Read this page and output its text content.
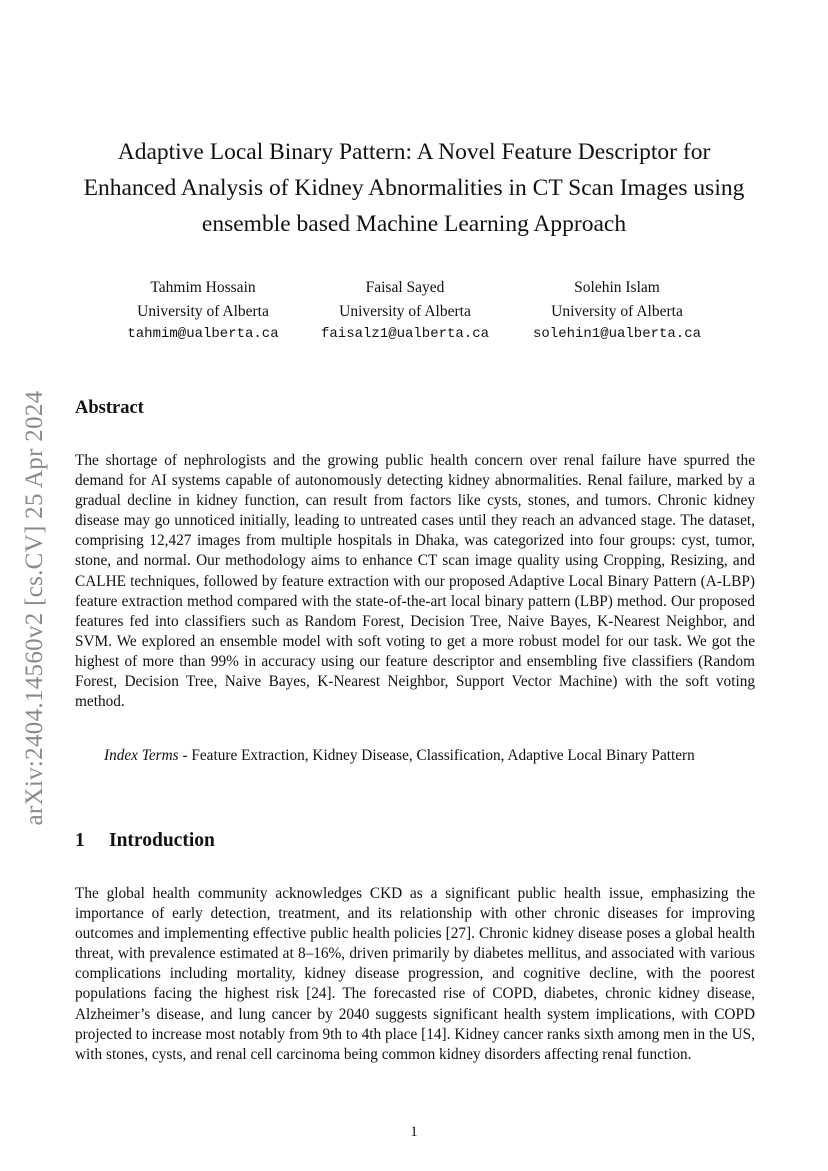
arXiv:2404.14560v2 [cs.CV] 25 Apr 2024
Adaptive Local Binary Pattern: A Novel Feature Descriptor for
Enhanced Analysis of Kidney Abnormalities in CT Scan Images using
ensemble based Machine Learning Approach
Tahmim Hossain
University of Alberta
tahmim@ualberta.ca
Faisal Sayed
University of Alberta
faisalz1@ualberta.ca
Solehin Islam
University of Alberta
solehin1@ualberta.ca
Abstract
The shortage of nephrologists and the growing public health concern over renal failure have spurred the demand for AI systems capable of autonomously detecting kidney abnormalities. Renal failure, marked by a gradual decline in kidney function, can result from factors like cysts, stones, and tumors. Chronic kidney disease may go unnoticed initially, leading to untreated cases until they reach an advanced stage. The dataset, comprising 12,427 images from multiple hospitals in Dhaka, was categorized into four groups: cyst, tumor, stone, and normal. Our methodology aims to enhance CT scan image quality using Cropping, Resizing, and CALHE techniques, followed by feature extraction with our proposed Adaptive Local Binary Pattern (A-LBP) feature extraction method compared with the state-of-the-art local binary pattern (LBP) method. Our proposed features fed into classifiers such as Random Forest, Decision Tree, Naive Bayes, K-Nearest Neighbor, and SVM. We explored an ensemble model with soft voting to get a more robust model for our task. We got the highest of more than 99% in accuracy using our feature descriptor and ensembling five classifiers (Random Forest, Decision Tree, Naive Bayes, K-Nearest Neighbor, Support Vector Machine) with the soft voting method.
Index Terms - Feature Extraction, Kidney Disease, Classification, Adaptive Local Binary Pattern
1 Introduction
The global health community acknowledges CKD as a significant public health issue, emphasizing the importance of early detection, treatment, and its relationship with other chronic diseases for improving outcomes and implementing effective public health policies [27]. Chronic kidney disease poses a global health threat, with prevalence estimated at 8–16%, driven primarily by diabetes mellitus, and associated with various complications including mortality, kidney disease progression, and cognitive decline, with the poorest populations facing the highest risk [24]. The forecasted rise of COPD, diabetes, chronic kidney disease, Alzheimer’s disease, and lung cancer by 2040 suggests significant health system implications, with COPD projected to increase most notably from 9th to 4th place [14]. Kidney cancer ranks sixth among men in the US, with stones, cysts, and renal cell carcinoma being common kidney disorders affecting renal function.
1
